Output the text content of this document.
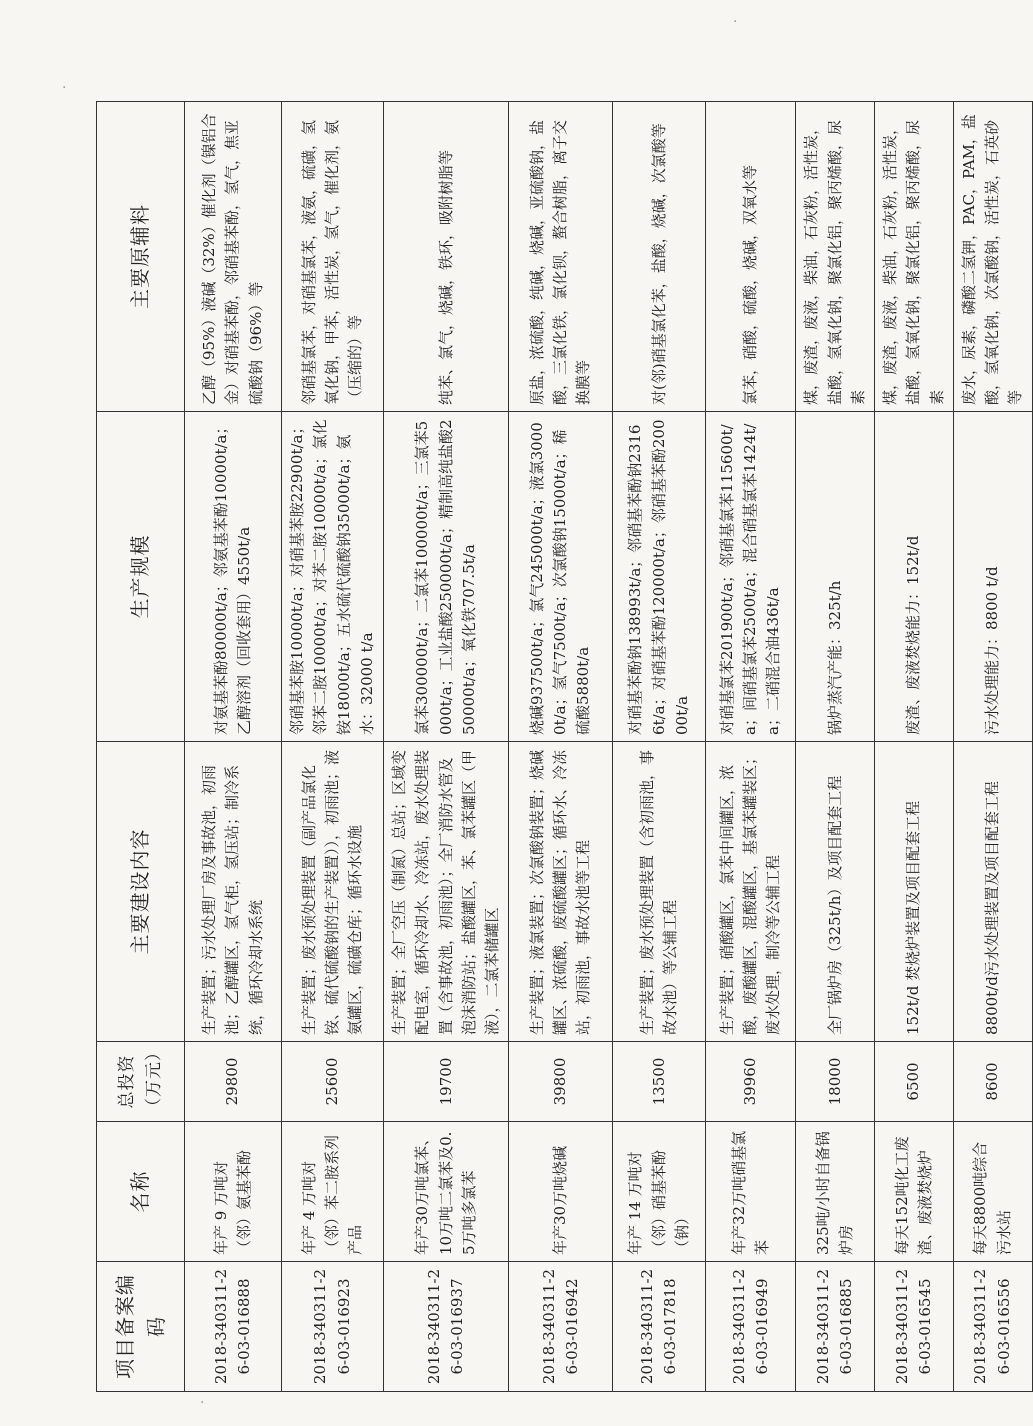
·
·
·
项目备案编码	名称	总投资（万元）	主要建设内容	生产规模	主要原辅料
2018-340311-26-03-016888	年产 9 万吨对（邻）氨基苯酚	29800	生产装置；污水处理厂房及事故池，初雨池；乙醇罐区，氢气柜，氢压站；制冷系统，循环冷却水系统	对氨基苯酚80000t/a；邻氨基苯酚10000t/a；乙醇溶剂（回收套用）4550t/a	乙醇（95%）液碱（32%）催化剂（镍铝合金）对硝基苯酚，邻硝基苯酚，氢气，焦亚硫酸钠（96%）等
2018-340311-26-03-016923	年产 4 万吨对（邻）苯二胺系列产品	25600	生产装置；废水预处理装置（副产品氯化铵、硫代硫酸钠的生产装置）），初雨池；液氨罐区，硫磺仓库；循环水设施	邻硝基苯胺10000t/a；对硝基苯胺22900t/a；邻苯二胺10000t/a；对苯二胺10000t/a；氯化铵18000t/a；五水硫代硫酸钠35000t/a；氨水：32000 t/a	邻硝基氯苯，对硝基氯苯，液氨，硫磺，氢氧化钠，甲苯，活性炭，氢气，催化剂，氨（压缩的）等
2018-340311-26-03-016937	年产30万吨氯苯、10万吨二氯苯及0.5万吨多氯苯	19700	生产装置；全厂空压（制氮）总站；区域变配电室，循环冷却水、冷冻站，废水处理装置（含事故池，初雨池）；全厂消防水管及泡沫消防站；盐酸罐区，苯、氯苯罐区（甲液），二氯苯储罐区	氯苯300000t/a；二氯苯100000t/a；三氯苯5000t/a；工业盐酸250000t/a；精制高纯盐酸250000t/a；氧化铁707.5t/a	纯苯、氯气，烧碱，铁环，吸附树脂等
2018-340311-26-03-016942	年产30万吨烧碱	39800	生产装置；液氯装置；次氯酸钠装置；烧碱罐区、浓硫酸，废硫酸罐区；循环水、冷冻站，初雨池，事故水池等工程	烧碱937500t/a；氯气245000t/a；液氯30000t/a；氢气7500t/a；次氯酸钠15000t/a；稀硫酸5880t/a	原盐，浓硫酸，纯碱，烧碱，亚硫酸钠，盐酸，三氯化铁，氯化钡，螯合树脂，离子交换膜等
2018-340311-26-03-017818	年产 14 万吨对（邻）硝基苯酚（钠）	13500	生产装置；废水预处理装置（含初雨池，事故水池）等公辅工程	对硝基苯酚钠138993t/a；邻硝基苯酚钠23166t/a；对硝基苯酚120000t/a；邻硝基苯酚20000t/a	对(邻)硝基氯化苯，盐酸，烧碱，次氯酸等
2018-340311-26-03-016949	年产32万吨硝基氯苯	39960	生产装置；硝酸罐区，氯苯中间罐区，浓酸，废酸罐区，混酸罐区，基氯苯罐装区；废水处理，制冷等公辅工程	对硝基氯苯201900t/a；邻硝基氯苯115600t/a；间硝基氯苯2500t/a；混合硝基氯苯1424t/a；二硝混合油436t/a	氯苯，硝酸，硫酸，烧碱，双氧水等
2018-340311-26-03-016885	325吨/小时自备锅炉房	18000	全厂锅炉房（325t/h）及项目配套工程	锅炉蒸汽产能：325t/h	煤，废渣，废液，柴油，石灰粉，活性炭，盐酸，氢氧化钠，聚氯化铝，聚丙烯酸，尿素
2018-340311-26-03-016545	每天152吨化工废渣、废液焚烧炉	6500	152t/d 焚烧炉装置及项目配套工程	废渣、废液焚烧能力：152t/d	煤，废渣，废液，柴油，石灰粉，活性炭，盐酸，氢氧化钠，聚氯化铝，聚丙烯酸，尿素
2018-340311-26-03-016556	每天8800吨综合污水站	8600	8800t/d污水处理装置及项目配套工程	污水处理能力：8800 t/d	废水，尿素，磷酸二氢钾，PAC，PAM，盐酸，氢氧化钠，次氯酸钠，活性炭，石英砂等
